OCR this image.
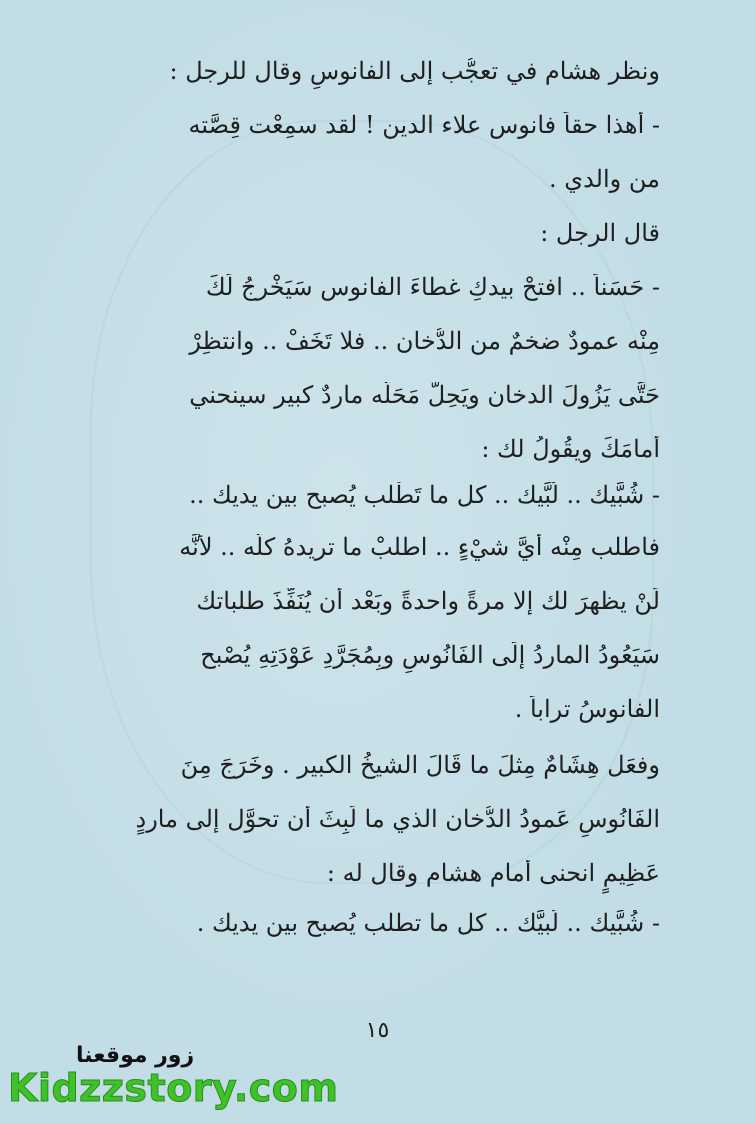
ونظر هشام في تعجُّب إلى الفانوسِ وقال للرجل :
- أهذا حقاً فانوس علاء الدين ! لقد سمِعْت قِصَّته
من والدي .
قال الرجل :
- حَسَناً .. افتحْ بيدكِ غطاءَ الفانوس سَيَخْرجُ لَكَ
مِنْه عمودٌ ضخمٌ من الدُّخان .. فلا تَخَفْ .. وانتظِرْ
حَتَّى يَزُولَ الدخان ويَحِلَّ مَحَلَّه ماردٌ كبير سينحني
أمامَكَ ويقُولُ لك :
- شُبَّيك .. لُبَّيك .. كل ما تَطْلب يُصبح بين يديك ..
فاطلب مِنْه أيَّ شيْءٍ .. اطلبْ ما تريدهُ كلَّه .. لأنَّه
لَنْ يظهرَ لك إلا مرةً واحدةً وبَعْد أن يُنَفِّذَ طلباتك
سَيَعُودُ الماردُ إلَى الفَانُوسِ وبِمُجَرَّدِ عَوْدَتِهِ يُصْبح
الفانوسُ تراباً .
وفعَل هِشَامٌ مِثلَ ما قَالَ الشيخُ الكبير . وخَرَجَ مِنَ
الفَانُوسِ عَمودُ الدُّخان الذي ما لَبِثَ أن تحوَّل إلى ماردٍ
عَظِيمٍ انحنى أمام هشام وقال له :
- شُبَّيك .. لُبيَّك .. كل ما تطلب يُصبح بين يديك .
١٥
زور موقعنا
Kidzzstory.com
